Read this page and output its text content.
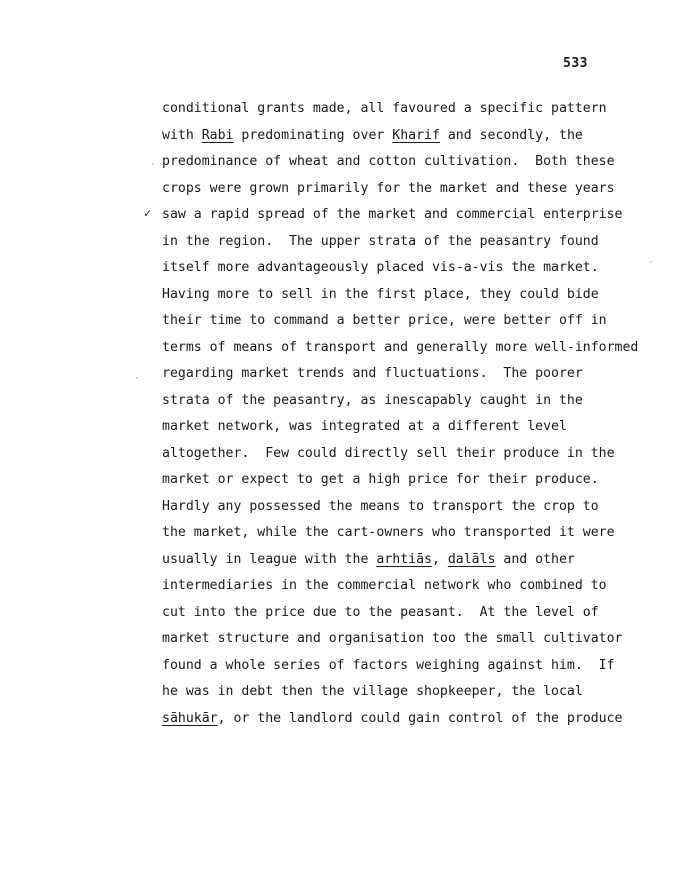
533
✓
conditional grants made, all favoured a specific pattern
with Rabi predominating over Kharif and secondly, the
predominance of wheat and cotton cultivation.  Both these
crops were grown primarily for the market and these years
saw a rapid spread of the market and commercial enterprise
in the region.  The upper strata of the peasantry found
itself more advantageously placed vis-a-vis the market.
Having more to sell in the first place, they could bide
their time to command a better price, were better off in
terms of means of transport and generally more well-informed
regarding market trends and fluctuations.  The poorer
strata of the peasantry, as inescapably caught in the
market network, was integrated at a different level
altogether.  Few could directly sell their produce in the
market or expect to get a high price for their produce.
Hardly any possessed the means to transport the crop to
the market, while the cart-owners who transported it were
usually in league with the arhtiās, dalāls and other
intermediaries in the commercial network who combined to
cut into the price due to the peasant.  At the level of
market structure and organisation too the small cultivator
found a whole series of factors weighing against him.  If
he was in debt then the village shopkeeper, the local
sāhukār, or the landlord could gain control of the produce
·
·
·
